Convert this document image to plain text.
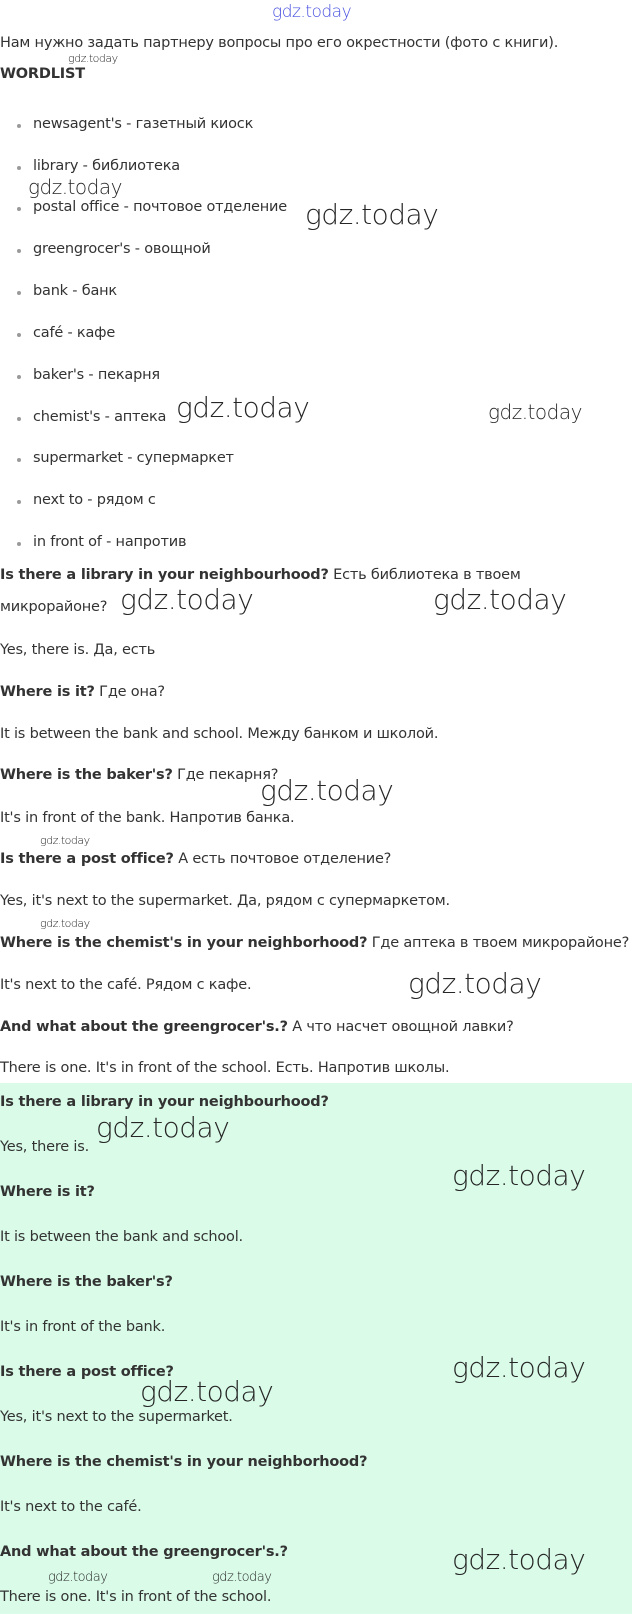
gdz.today
Нам нужно задать партнеру вопросы про его окрестности (фото с книги).
WORDLIST
newsagent's - газетный киоск
library - библиотека
postal office - почтовое отделение
greengrocer's - овощной
bank - банк
café - кафе
baker's - пекарня
chemist's - аптека
supermarket - супермаркет
next to - рядом с
in front of - напротив
Is there a library in your neighbourhood? Есть библиотека в твоем
микрорайоне?
Yes, there is. Да, есть
Where is it? Где она?
It is between the bank and school. Между банком и школой.
Where is the baker's? Где пекарня?
It's in front of the bank. Напротив банка.
Is there a post office? А есть почтовое отделение?
Yes, it's next to the supermarket. Да, рядом с супермаркетом.
Where is the chemist's in your neighborhood? Где аптека в твоем микрорайоне?
It's next to the café. Рядом с кафе.
And what about the greengrocer's.? А что насчет овощной лавки?
There is one. It's in front of the school. Есть. Напротив школы.
Is there a library in your neighbourhood?
Yes, there is.
Where is it?
It is between the bank and school.
Where is the baker's?
It's in front of the bank.
Is there a post office?
Yes, it's next to the supermarket.
Where is the chemist's in your neighborhood?
It's next to the café.
And what about the greengrocer's.?
There is one. It's in front of the school.
gdz.today
gdz.today
gdz.today
gdz.today	gdz.today
gdz.today	gdz.today
gdz.today
gdz.today
gdz.today
gdz.today
gdz.today
gdz.today
gdz.today
gdz.today
gdz.today
gdz.today	gdz.today
